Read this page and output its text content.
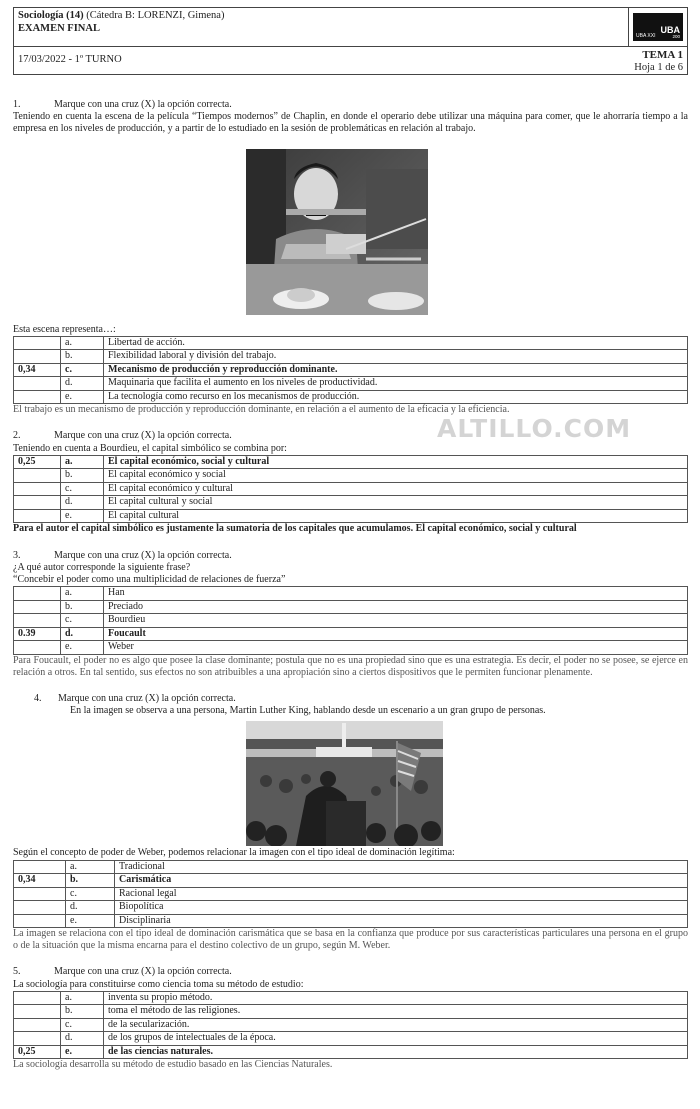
ALTILLO.COM
Sociología (14) (Cátedra B: LORENZI, Gimena)
EXAMEN FINAL
UBA XXI
UBA
200
17/03/2022 - 1º TURNO	TEMA 1
Hoja 1 de 6

1.	Marque con una cruz (X) la opción correcta.

Teniendo en cuenta la escena de la película “Tiempos modernos” de Chaplin, en donde el operario debe utilizar una máquina para comer, que le ahorraría tiempo a la empresa en los niveles de producción, y a partir de lo estudiado en la sesión de problemáticas en relación al trabajo.

Esta escena representa…:

	a.	Libertad de acción.
	b.	Flexibilidad laboral y división del trabajo.
0,34	c.	Mecanismo de producción y reproducción dominante.
	d.	Maquinaria que facilita el aumento en los niveles de productividad.
	e.	La tecnología como recurso en los mecanismos de producción.

El trabajo es un mecanismo de producción y reproducción dominante, en relación a el aumento de la eficacia y la eficiencia.

2.	Marque con una cruz (X) la opción correcta.

Teniendo en cuenta a Bourdieu, el capital simbólico se combina por:

0,25	a.	El capital económico, social y cultural
	b.	El capital económico y social
	c.	El capital económico y cultural
	d.	El capital cultural y social
	e.	El capital cultural

Para el autor el capital simbólico es justamente la sumatoria de los capitales que acumulamos. El capital económico, social y cultural

3.	Marque con una cruz (X) la opción correcta.

¿A qué autor corresponde la siguiente frase?

“Concebir el poder como una multiplicidad de relaciones de fuerza”

	a.	Han
	b.	Preciado
	c.	Bourdieu
0.39	d.	Foucault
	e.	Weber

Para Foucault, el poder no es algo que posee la clase dominante; postula que no es una propiedad sino que es una estrategia. Es decir, el poder no se posee, se ejerce en relación a otros. En tal sentido, sus efectos no son atribuibles a una apropiación sino a ciertos dispositivos que le permiten funcionar plenamente.

4. Marque con una cruz (X) la opción correcta.

En la imagen se observa a una persona, Martin Luther King, hablando desde un escenario a un gran grupo de personas.

Según el concepto de poder de Weber, podemos relacionar la imagen con el tipo ideal de dominación legítima:

	a.	Tradicional
0,34	b.	Carismática
	c.	Racional legal
	d.	Biopolítica
	e.	Disciplinaria

La imagen se relaciona con el tipo ideal de dominación carismática que se basa en la confianza que produce por sus características particulares una persona en el grupo o de la situación que la misma encarna para el destino colectivo de un grupo, según M. Weber.

5.	Marque con una cruz (X) la opción correcta.

La sociología para constituirse como ciencia toma su método de estudio:

	a.	inventa su propio método.
	b.	toma el método de las religiones.
	c.	de la secularización.
	d.	de los grupos de intelectuales de la época.
0,25	e.	de las ciencias naturales.

La sociología desarrolla su método de estudio basado en las Ciencias Naturales.
